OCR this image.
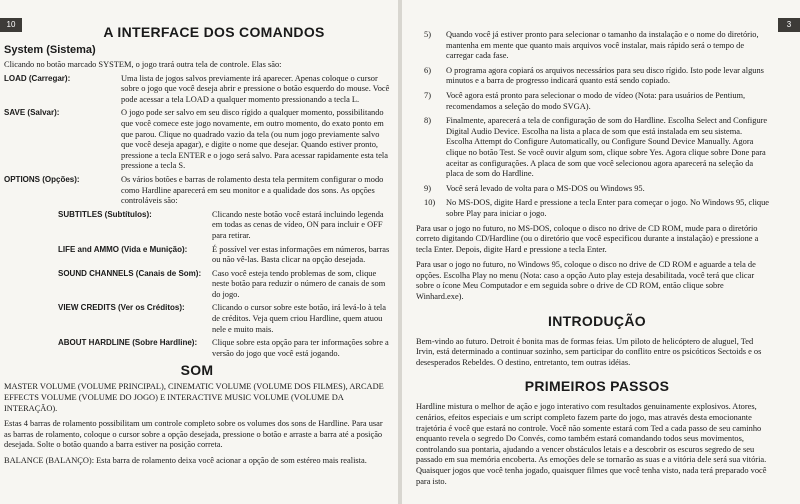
10	A INTERFACE DOS COMANDOS
System (Sistema)

Clicando no botão marcado SYSTEM, o jogo trará outra tela de controle. Elas são:

LOAD (Carregar):	Uma lista de jogos salvos previamente irá aparecer. Apenas coloque o cursor sobre o jogo que você deseja abrir e pressione o botão esquerdo do mouse. Você pode acessar a tela LOAD a qualquer momento pressionando a tecla L.
SAVE (Salvar):	O jogo pode ser salvo em seu disco rígido a qualquer momento, possibilitando que você comece este jogo novamente, em outro momento, do exato ponto em que parou. Clique no quadrado vazio da tela (ou num jogo previamente salvo que você deseja apagar), e digite o nome que desejar. Quando estiver pronto, pressione a tecla ENTER e o jogo será salvo. Para acessar rapidamente esta tela pressione a tecla S.
OPTIONS (Opções):	Os vários botões e barras de rolamento desta tela permitem configurar o modo como Hardline aparecerá em seu monitor e a qualidade dos sons. As opções controláveis são:
SUBTITLES (Subtítulos):	Clicando neste botão você estará incluindo legenda em todas as cenas de vídeo, ON para incluir e OFF para retirar.
LIFE and AMMO (Vida e Munição):	É possível ver estas informações em números, barras ou não vê-las. Basta clicar na opção desejada.
SOUND CHANNELS (Canais de Som):	Caso você esteja tendo problemas de som, clique neste botão para reduzir o número de canais de som do jogo.
VIEW CREDITS (Ver os Créditos):	Clicando o cursor sobre este botão, irá levá-lo à tela de créditos. Veja quem criou Hardline, quem atuou nele e muito mais.
ABOUT HARDLINE (Sobre Hardline):	Clique sobre esta opção para ter informações sobre a versão do jogo que você está jogando.
SOM

MASTER VOLUME (VOLUME PRINCIPAL), CINEMATIC VOLUME (VOLUME DOS FILMES), ARCADE EFFECTS VOLUME (VOLUME DO JOGO) E INTERACTIVE MUSIC VOLUME (VOLUME DA INTERAÇÃO).

Estas 4 barras de rolamento possibilitam um controle completo sobre os volumes dos sons de Hardline. Para usar as barras de rolamento, coloque o cursor sobre a opção desejada, pressione o botão e arraste a barra até a posição desejada. Solte o botão quando a barra estiver na posição correta.

BALANCE (BALANÇO): Esta barra de rolamento deixa você acionar a opção de som estéreo mais realista.

3
5)	Quando você já estiver pronto para selecionar o tamanho da instalação e o nome do diretório, mantenha em mente que quanto mais arquivos você instalar, mais rápido será o tempo de carregar cada fase.
6)	O programa agora copiará os arquivos necessários para seu disco rígido. Isto pode levar alguns minutos e a barra de progresso indicará quanto está sendo copiado.
7)	Você agora está pronto para selecionar o modo de vídeo (Nota: para usuários de Pentium, recomendamos a seleção do modo SVGA).
8)	Finalmente, aparecerá a tela de configuração de som do Hardline. Escolha Select and Configure Digital Audio Device. Escolha na lista a placa de som que está instalada em seu sistema. Escolha Attempt do Configure Automatically, ou Configure Sound Device Manually. Agora clique no botão Test. Se você ouvir algum som, clique sobre Yes. Agora clique sobre Done para aceitar as configurações. A placa de som que você selecionou agora aparecerá na seleção da placa de som do Hardline.
9)	Você será levado de volta para o MS-DOS ou Windows 95.
10)	No MS-DOS, digite Hard e pressione a tecla Enter para começar o jogo. No Windows 95, clique sobre Play para iniciar o jogo.

Para usar o jogo no futuro, no MS-DOS, coloque o disco no drive de CD ROM, mude para o diretório correto digitando CD/Hardline (ou o diretório que você especificou durante a instalação) e pressione a tecla Enter. Depois, digite Hard e pressione a tecla Enter.

Para usar o jogo no futuro, no Windows 95, coloque o disco no drive de CD ROM e aguarde a tela de opções. Escolha Play no menu (Nota: caso a opção Auto play esteja desabilitada, você terá que clicar sobre o ícone Meu Computador e em seguida sobre o drive de CD ROM, então clique sobre Winhard.exe).

INTRODUÇÃO

Bem-vindo ao futuro. Detroit é bonita mas de formas feias. Um piloto de helicóptero de aluguel, Ted Irvin, está determinado a continuar sozinho, sem participar do conflito entre os psicóticos Sectoids e os desesperados Rebeldes. O destino, entretanto, tem outras idéias.

PRIMEIROS PASSOS

Hardline mistura o melhor de ação e jogo interativo com resultados genuinamente explosivos. Atores, cenários, efeitos especiais e um script completo fazem parte do jogo, mas através desta emocionante trajetória é você que estará no controle. Você não somente estará com Ted a cada passo de seu caminho enquanto revela o segredo Do Convés, como também estará comandando todos seus movimentos, controlando sua pontaria, ajudando a vencer obstáculos letais e a descobrir os escuros segredo de seu passado em sua memória encoberta. As emoções dele se tornarão as suas e a vitória dele será sua vitória. Quaisquer jogos que você tenha jogado, quaisquer filmes que você tenha visto, nada terá preparado você para isto.
